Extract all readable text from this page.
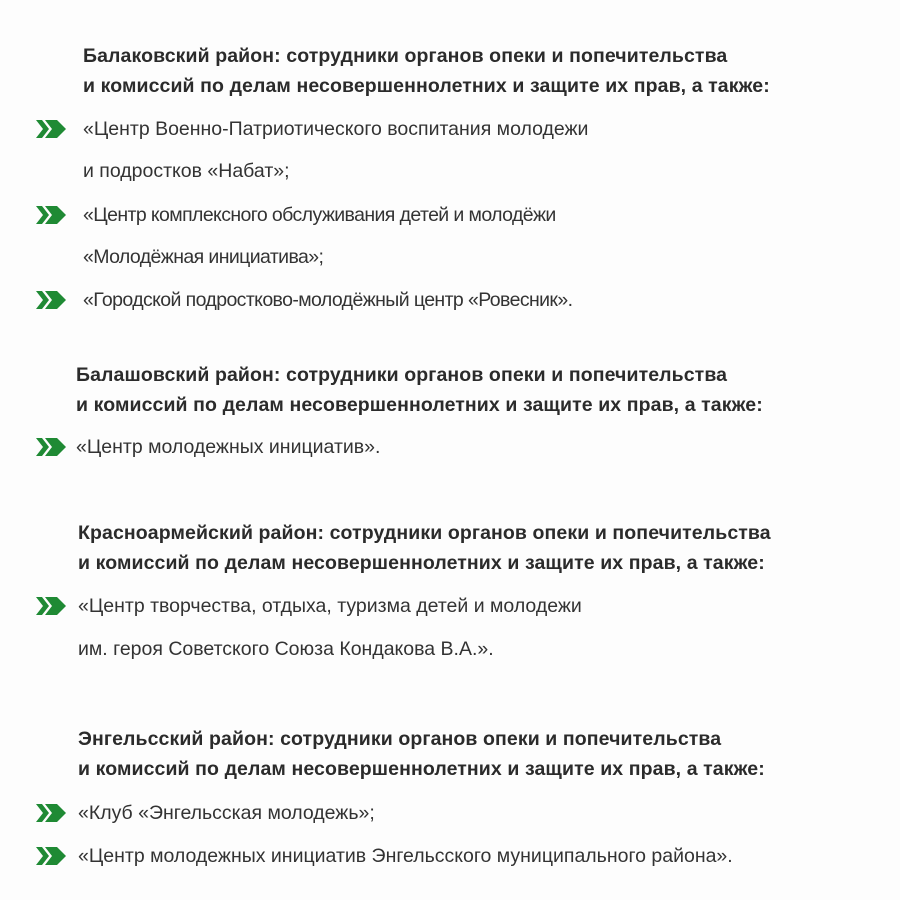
Балаковский район: сотрудники органов опеки и попечительства
и комиссий по делам несовершеннолетних и защите их прав, а также:
«Центр Военно-Патриотического воспитания молодежи
и подростков «Набат»;
«Центр комплексного обслуживания детей и молодёжи
«Молодёжная инициатива»;
«Городской подростково-молодёжный центр «Ровесник».
Балашовский район: сотрудники органов опеки и попечительства
и комиссий по делам несовершеннолетних и защите их прав, а также:
«Центр молодежных инициатив».
Красноармейский район: сотрудники органов опеки и попечительства
и комиссий по делам несовершеннолетних и защите их прав, а также:
«Центр творчества, отдыха, туризма детей и молодежи
им. героя Советского Союза Кондакова В.А.».
Энгельсский район: сотрудники органов опеки и попечительства
и комиссий по делам несовершеннолетних и защите их прав, а также:
«Клуб «Энгельсская молодежь»;
«Центр молодежных инициатив Энгельсского муниципального района».
